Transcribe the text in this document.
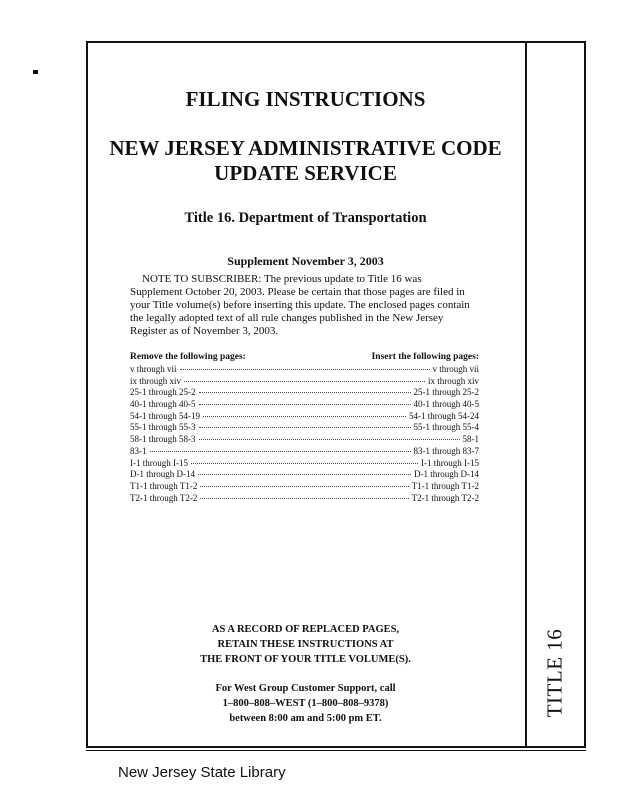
TITLE 16
FILING INSTRUCTIONS
NEW JERSEY ADMINISTRATIVE CODE
UPDATE SERVICE
Title 16. Department of Transportation
Supplement November 3, 2003
NOTE TO SUBSCRIBER: The previous update to Title 16 was
Supplement October 20, 2003. Please be certain that those pages are filed in
your Title volume(s) before inserting this update. The enclosed pages contain
the legally adopted text of all rule changes published in the New Jersey
Register as of November 3, 2003.
Remove the following pages:	Insert the following pages:
v through vii	v through vii
ix through xiv	ix through xiv
25-1 through 25-2	25-1 through 25-2
40-1 through 40-5	40-1 through 40-5
54-1 through 54-19	54-1 through 54-24
55-1 through 55-3	55-1 through 55-4
58-1 through 58-3	58-1
83-1	83-1 through 83-7
I-1 through I-15	I-1 through I-15
D-1 through D-14	D-1 through D-14
T1-1 through T1-2	T1-1 through T1-2
T2-1 through T2-2	T2-1 through T2-2
AS A RECORD OF REPLACED PAGES,
RETAIN THESE INSTRUCTIONS AT
THE FRONT OF YOUR TITLE VOLUME(S).
For West Group Customer Support, call
1–800–808–WEST (1–800–808–9378)
between 8:00 am and 5:00 pm ET.
New Jersey State Library
